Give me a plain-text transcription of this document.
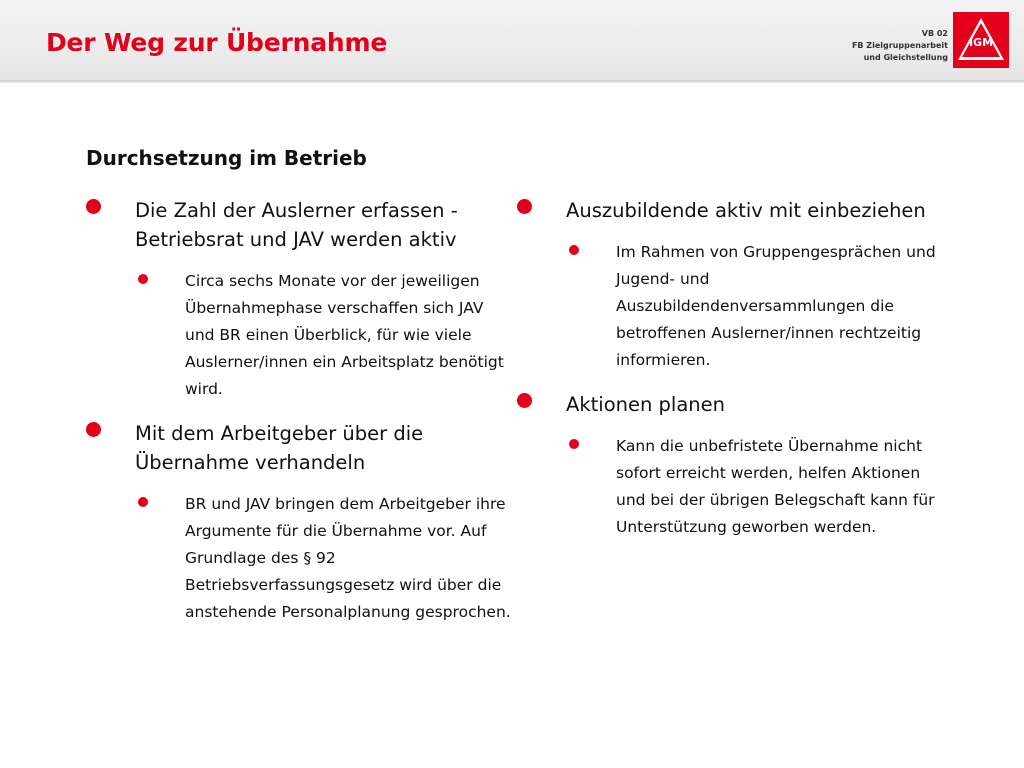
Der Weg zur Übernahme	VB 02
FB Zielgruppenarbeit
und Gleichstellung
IGM
Durchsetzung im Betrieb
Die Zahl der Auslerner erfassen - Betriebsrat und JAV werden aktiv
Circa sechs Monate vor der jeweiligen Übernahmephase verschaffen sich JAV und BR einen Überblick, für wie viele Auslerner/innen ein Arbeitsplatz benötigt wird.
Mit dem Arbeitgeber über die Übernahme verhandeln
BR und JAV bringen dem Arbeitgeber ihre Argumente für die Übernahme vor. Auf Grundlage des § 92 Betriebsverfassungsgesetz wird über die anstehende Personalplanung gesprochen.
Auszubildende aktiv mit einbeziehen
Im Rahmen von Gruppengesprächen und Jugend- und Auszubildendenversammlungen die betroffenen Auslerner/innen rechtzeitig informieren.
Aktionen planen
Kann die unbefristete Übernahme nicht sofort erreicht werden, helfen Aktionen und bei der übrigen Belegschaft kann für Unterstützung geworben werden.
